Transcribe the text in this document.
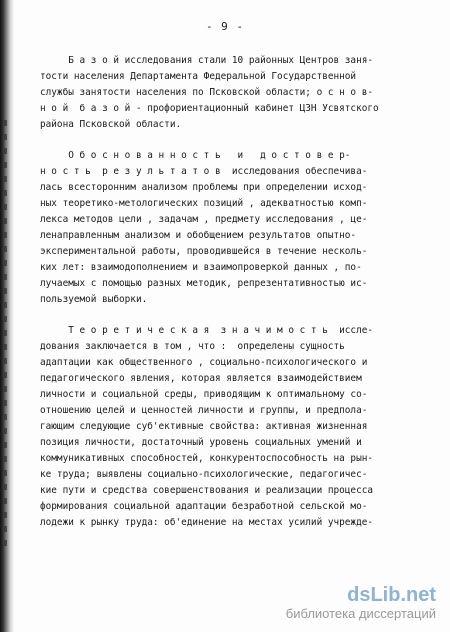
- 9 -
Б а з о й исследования стали 10 районных Центров заня-
тости населения Департамента Федеральной Государственной
службы занятости населения по Псковской области; о с н о в-
н о й  б а з о й - профориентационный кабинет ЦЗН Усвятского
района Псковской области.
О б о с н о в а н н о с т ь   и   д о с т о в е р-
н о с т ь  р е з у л ь т а т о в  исследования обеспечива-
лась всесторонним анализом проблемы при определении исход-
ных теоретико-метологических позиций , адекватностью комп-
лекса методов цели , задачам , предмету исследования , це-
ленаправленным анализом и обобщением результатов опытно-
экспериментальной работы, проводившейся в течение несколь-
ких лет: взаимодополнением и взаимопроверкой данных , по-
лучаемых с помощью разных методик, репрезентативностью ис-
пользуемой выборки.
Т е о р е т и ч е с к а я  з н а ч и м о с т ь  иссле-
дования заключается в том , что :  определены сущность
адаптации как общественного , социально-психологического и
педагогического явления, которая является взаимодействием
личности и социальной среды, приводящим к оптимальному со-
отношению целей и ценностей личности и группы, и предпола-
гающим следующие суб'ективные свойства: активная жизненная
позиция личности, достаточный уровень социальных умений и
коммуникативных способностей, конкурентоспособность на рын-
ке труда; выявлены социально-психологические, педагогичес-
кие пути и средства совершенствования и реализации процесса
формирования социальной адаптации безработной сельской мо-
лодежи к рынку труда: об'единение на местах усилий учрежде-
dsLib.net
библиотека диссертаций
